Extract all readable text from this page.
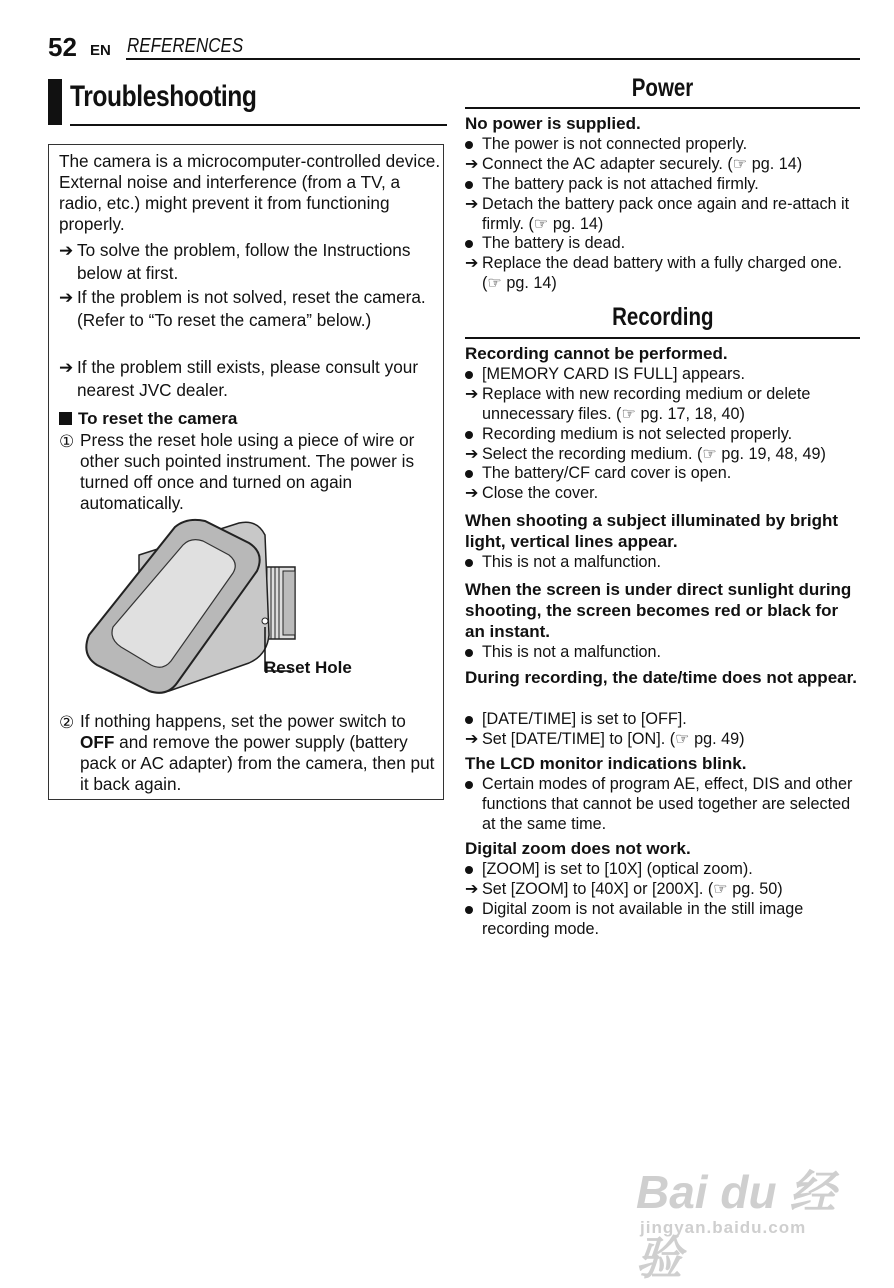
52 EN REFERENCES
Troubleshooting

The camera is a microcomputer-controlled device. External noise and interference (from a TV, a radio, etc.) might prevent it from functioning properly.

➔ To solve the problem, follow the Instructions below at first.
➔ If the problem is not solved, reset the camera. (Refer to “To reset the camera” below.)
➔ If the problem still exists, please consult your nearest JVC dealer.
To reset the camera
① Press the reset hole using a piece of wire or other such pointed instrument. The power is turned off once and turned on again automatically.
Reset Hole
② If nothing happens, set the power switch to OFF and remove the power supply (battery pack or AC adapter) from the camera, then put it back again.
Power
No power is supplied.
The power is not connected properly.
➔ Connect the AC adapter securely. (☞ pg. 14)
The battery pack is not attached firmly.
➔ Detach the battery pack once again and re-attach it firmly. (☞ pg. 14)
The battery is dead.
➔ Replace the dead battery with a fully charged one. (☞ pg. 14)
Recording
Recording cannot be performed.
[MEMORY CARD IS FULL] appears.
➔ Replace with new recording medium or delete unnecessary files. (☞ pg. 17, 18, 40)
Recording medium is not selected properly.
➔ Select the recording medium. (☞ pg. 19, 48, 49)
The battery/CF card cover is open.
➔ Close the cover.
When shooting a subject illuminated by bright light, vertical lines appear.
This is not a malfunction.
When the screen is under direct sunlight during shooting, the screen becomes red or black for an instant.
This is not a malfunction.
During recording, the date/time does not appear.
[DATE/TIME] is set to [OFF].
➔ Set [DATE/TIME] to [ON]. (☞ pg. 49)
The LCD monitor indications blink.
Certain modes of program AE, effect, DIS and other functions that cannot be used together are selected at the same time.
Digital zoom does not work.
[ZOOM] is set to [10X] (optical zoom).
➔ Set [ZOOM] to [40X] or [200X]. (☞ pg. 50)
Digital zoom is not available in the still image recording mode.
Bai du 经验
jingyan.baidu.com
